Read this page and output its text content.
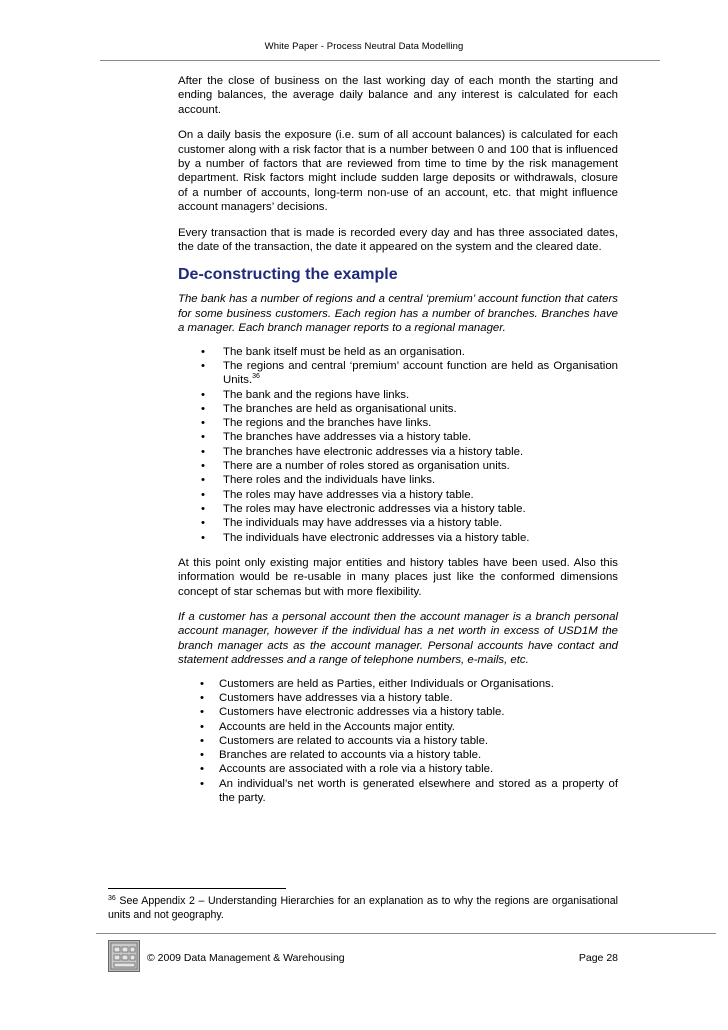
White Paper - Process Neutral Data Modelling

After the close of business on the last working day of each month the starting and ending balances, the average daily balance and any interest is calculated for each account.

On a daily basis the exposure (i.e. sum of all account balances) is calculated for each customer along with a risk factor that is a number between 0 and 100 that is influenced by a number of factors that are reviewed from time to time by the risk management department. Risk factors might include sudden large deposits or withdrawals, closure of a number of accounts, long-term non-use of an account, etc. that might influence account managers’ decisions.

Every transaction that is made is recorded every day and has three associated dates, the date of the transaction, the date it appeared on the system and the cleared date.

De-constructing the example

The bank has a number of regions and a central ‘premium’ account function that caters for some business customers. Each region has a number of branches. Branches have a manager. Each branch manager reports to a regional manager.

• The bank itself must be held as an organisation.
• The regions and central ‘premium’ account function are held as Organisation Units.$^{36}$
• The bank and the regions have links.
• The branches are held as organisational units.
• The regions and the branches have links.
• The branches have addresses via a history table.
• The branches have electronic addresses via a history table.
• There are a number of roles stored as organisation units.
• There roles and the individuals have links.
• The roles may have addresses via a history table.
• The roles may have electronic addresses via a history table.
• The individuals may have addresses via a history table.
• The individuals have electronic addresses via a history table.

At this point only existing major entities and history tables have been used. Also this information would be re-usable in many places just like the conformed dimensions concept of star schemas but with more flexibility.

If a customer has a personal account then the account manager is a branch personal account manager, however if the individual has a net worth in excess of USD1M the branch manager acts as the account manager. Personal accounts have contact and statement addresses and a range of telephone numbers, e-mails, etc.

• Customers are held as Parties, either Individuals or Organisations.
• Customers have addresses via a history table.
• Customers have electronic addresses via a history table.
• Accounts are held in the Accounts major entity.
• Customers are related to accounts via a history table.
• Branches are related to accounts via a history table.
• Accounts are associated with a role via a history table.
• An individual’s net worth is generated elsewhere and stored as a property of the party.
$^{36}$ See Appendix 2 – Understanding Hierarchies for an explanation as to why the regions are organisational units and not geography.
© 2009 Data Management & Warehousing	Page 28
